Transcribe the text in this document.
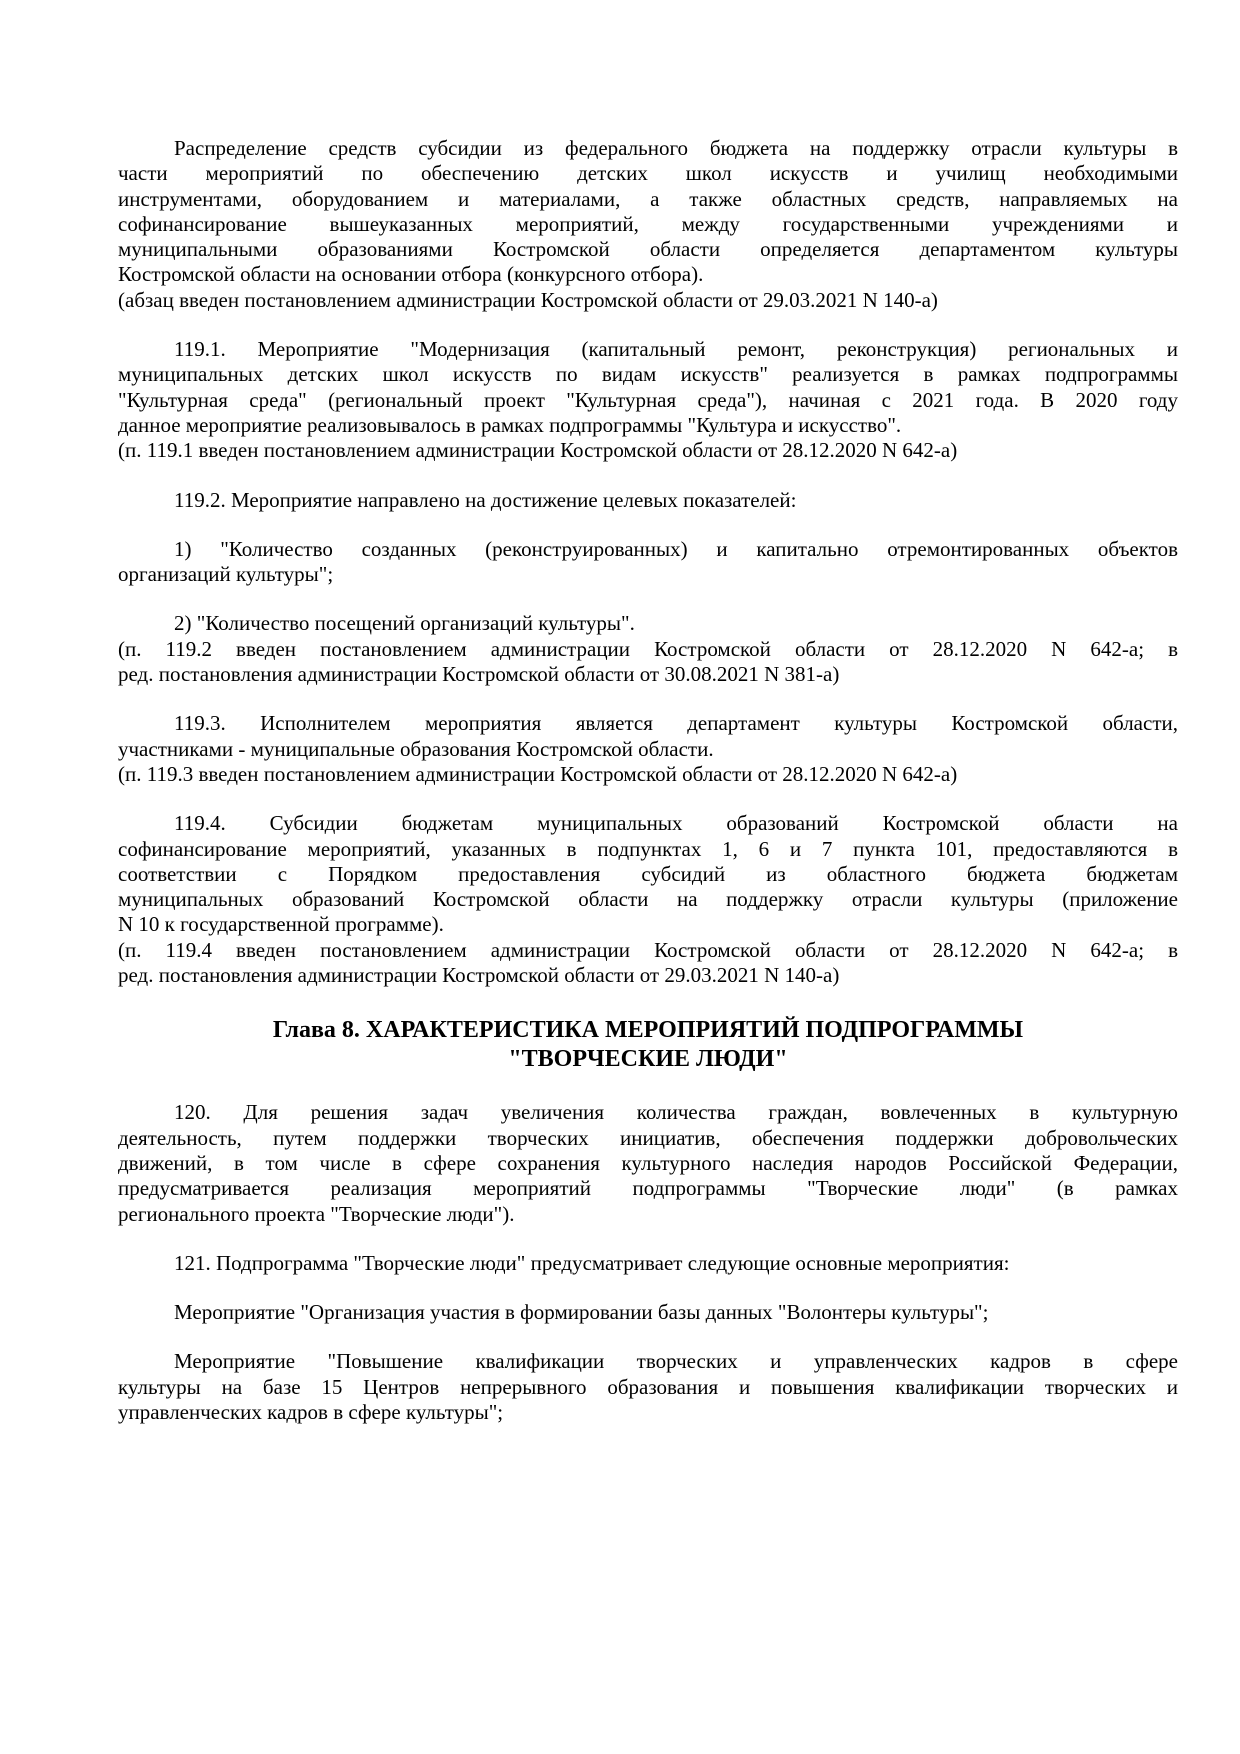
Распределение средств субсидии из федерального бюджета на поддержку отрасли культуры в
части мероприятий по обеспечению детских школ искусств и училищ необходимыми
инструментами, оборудованием и материалами, а также областных средств, направляемых на
софинансирование вышеуказанных мероприятий, между государственными учреждениями и
муниципальными образованиями Костромской области определяется департаментом культуры
Костромской области на основании отбора (конкурсного отбора).
(абзац введен постановлением администрации Костромской области от 29.03.2021 N 140-а)
119.1. Мероприятие "Модернизация (капитальный ремонт, реконструкция) региональных и
муниципальных детских школ искусств по видам искусств" реализуется в рамках подпрограммы
"Культурная среда" (региональный проект "Культурная среда"), начиная с 2021 года. В 2020 году
данное мероприятие реализовывалось в рамках подпрограммы "Культура и искусство".
(п. 119.1 введен постановлением администрации Костромской области от 28.12.2020 N 642-а)
119.2. Мероприятие направлено на достижение целевых показателей:
1) "Количество созданных (реконструированных) и капитально отремонтированных объектов
организаций культуры";
2) "Количество посещений организаций культуры".
(п. 119.2 введен постановлением администрации Костромской области от 28.12.2020 N 642-а; в
ред. постановления администрации Костромской области от 30.08.2021 N 381-а)
119.3. Исполнителем мероприятия является департамент культуры Костромской области,
участниками - муниципальные образования Костромской области.
(п. 119.3 введен постановлением администрации Костромской области от 28.12.2020 N 642-а)
119.4. Субсидии бюджетам муниципальных образований Костромской области на
софинансирование мероприятий, указанных в подпунктах 1, 6 и 7 пункта 101, предоставляются в
соответствии с Порядком предоставления субсидий из областного бюджета бюджетам
муниципальных образований Костромской области на поддержку отрасли культуры (приложение
N 10 к государственной программе).
(п. 119.4 введен постановлением администрации Костромской области от 28.12.2020 N 642-а; в
ред. постановления администрации Костромской области от 29.03.2021 N 140-а)
Глава 8. ХАРАКТЕРИСТИКА МЕРОПРИЯТИЙ ПОДПРОГРАММЫ
"ТВОРЧЕСКИЕ ЛЮДИ"
120. Для решения задач увеличения количества граждан, вовлеченных в культурную
деятельность, путем поддержки творческих инициатив, обеспечения поддержки добровольческих
движений, в том числе в сфере сохранения культурного наследия народов Российской Федерации,
предусматривается реализация мероприятий подпрограммы "Творческие люди" (в рамках
регионального проекта "Творческие люди").
121. Подпрограмма "Творческие люди" предусматривает следующие основные мероприятия:
Мероприятие "Организация участия в формировании базы данных "Волонтеры культуры";
Мероприятие "Повышение квалификации творческих и управленческих кадров в сфере
культуры на базе 15 Центров непрерывного образования и повышения квалификации творческих и
управленческих кадров в сфере культуры";
